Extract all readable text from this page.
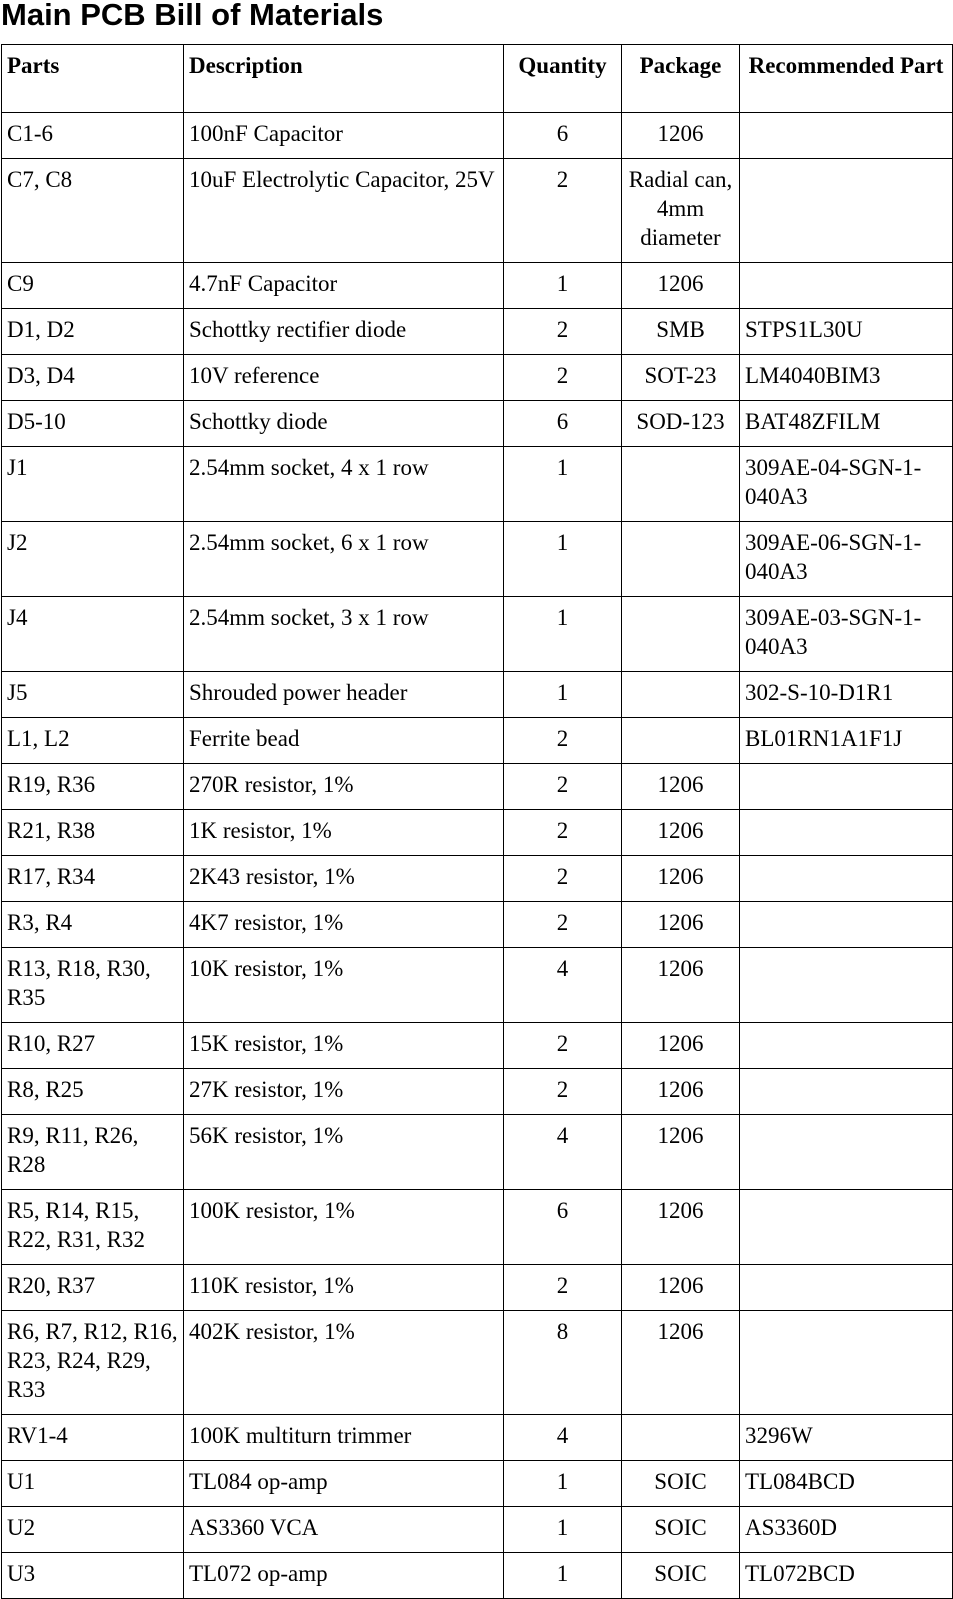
Main PCB Bill of Materials
Parts	Description	Quantity	Package	Recommended Part
C1-6	100nF Capacitor	6	1206	
C7, C8	10uF Electrolytic Capacitor, 25V	2	Radial can, 4mm diameter	
C9	4.7nF Capacitor	1	1206	
D1, D2	Schottky rectifier diode	2	SMB	STPS1L30U
D3, D4	10V reference	2	SOT-23	LM4040BIM3
D5-10	Schottky diode	6	SOD-123	BAT48ZFILM
J1	2.54mm socket, 4 x 1 row	1		309AE-04-SGN-1-040A3
J2	2.54mm socket, 6 x 1 row	1		309AE-06-SGN-1-040A3
J4	2.54mm socket, 3 x 1 row	1		309AE-03-SGN-1-040A3
J5	Shrouded power header	1		302-S-10-D1R1
L1, L2	Ferrite bead	2		BL01RN1A1F1J
R19, R36	270R resistor, 1%	2	1206	
R21, R38	1K resistor, 1%	2	1206	
R17, R34	2K43 resistor, 1%	2	1206	
R3, R4	4K7 resistor, 1%	2	1206	
R13, R18, R30, R35	10K resistor, 1%	4	1206	
R10, R27	15K resistor, 1%	2	1206	
R8, R25	27K resistor, 1%	2	1206	
R9, R11, R26, R28	56K resistor, 1%	4	1206	
R5, R14, R15, R22, R31, R32	100K resistor, 1%	6	1206	
R20, R37	110K resistor, 1%	2	1206	
R6, R7, R12, R16, R23, R24, R29, R33	402K resistor, 1%	8	1206	
RV1-4	100K multiturn trimmer	4		3296W
U1	TL084 op-amp	1	SOIC	TL084BCD
U2	AS3360 VCA	1	SOIC	AS3360D
U3	TL072 op-amp	1	SOIC	TL072BCD
